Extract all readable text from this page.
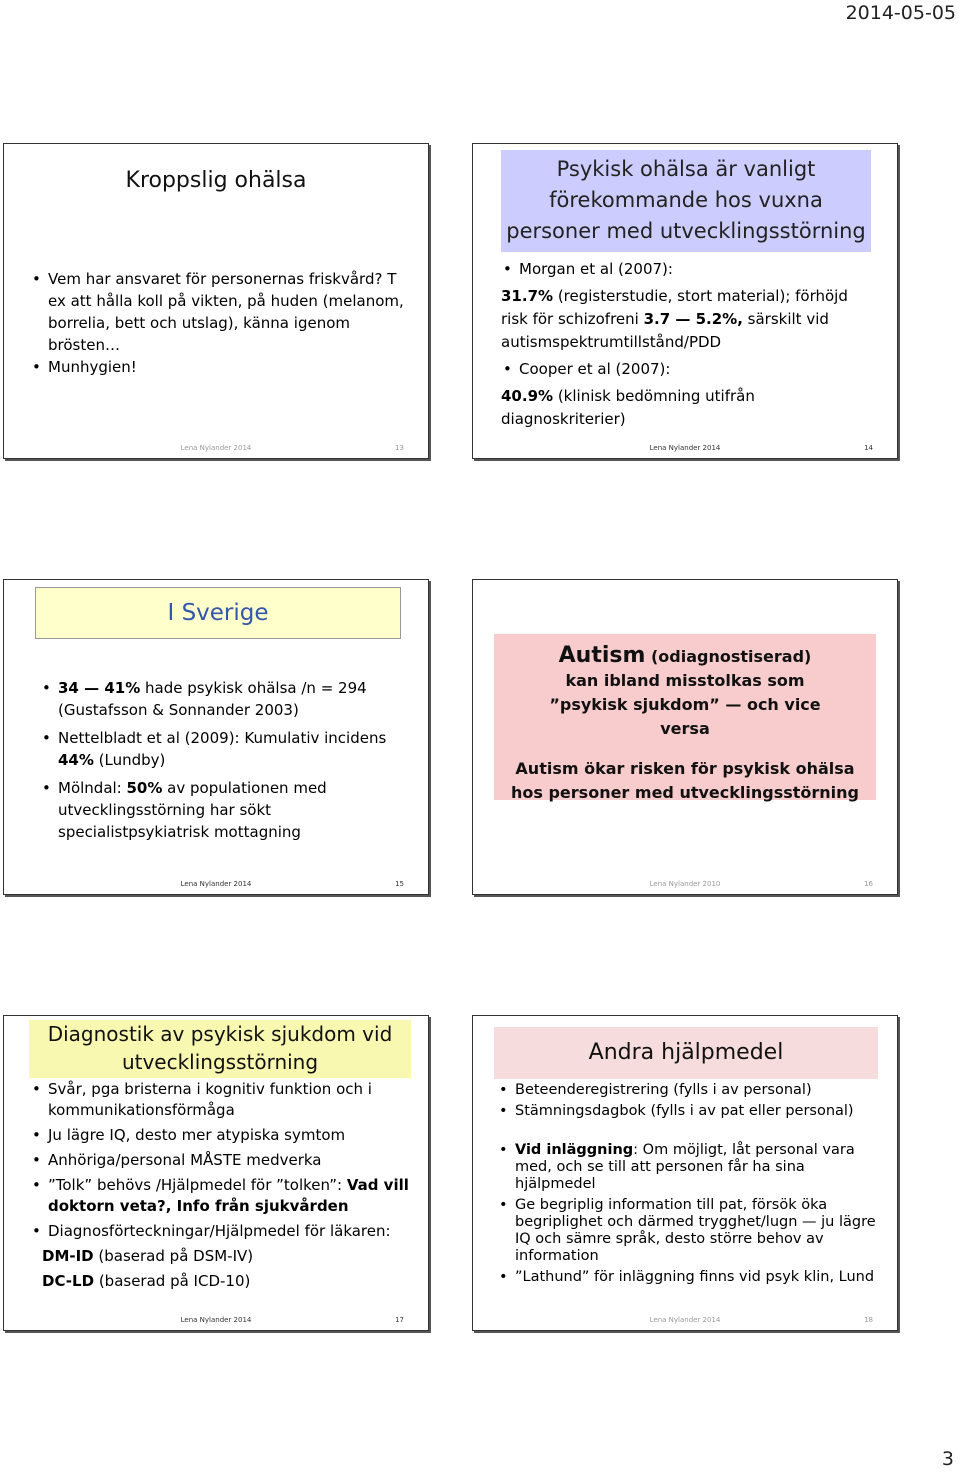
2014-05-05
Kroppslig ohälsa
• Vem har ansvaret för personernas friskvård? T ex att hålla koll på vikten, på huden (melanom, borrelia, bett och utslag), känna igenom brösten…
• Munhygien!
Lena Nylander 2014	13
Psykisk ohälsa är vanligt förekommande hos vuxna personer med utvecklingsstörning
• Morgan et al (2007):
31.7% (registerstudie, stort material); förhöjd risk för schizofreni 3.7 — 5.2%, särskilt vid autismspektrumtillstånd/PDD
• Cooper et al (2007):
40.9% (klinisk bedömning utifrån diagnoskriterier)
Lena Nylander 2014	14
I Sverige
• 34 — 41% hade psykisk ohälsa /n = 294 (Gustafsson & Sonnander 2003)
• Nettelbladt et al (2009): Kumulativ incidens 44% (Lundby)
• Mölndal: 50% av populationen med utvecklingsstörning har sökt specialistpsykiatrisk mottagning
Lena Nylander 2014	15
Autism (odiagnostiserad)
kan ibland misstolkas som ”psykisk sjukdom” — och vice versa
Autism ökar risken för psykisk ohälsa hos personer med utvecklingsstörning
Lena Nylander 2010	16
Diagnostik av psykisk sjukdom vid utvecklingsstörning
• Svår, pga bristerna i kognitiv funktion och i kommunikationsförmåga
• Ju lägre IQ, desto mer atypiska symtom
• Anhöriga/personal MÅSTE medverka
• ”Tolk” behövs /Hjälpmedel för ”tolken”: Vad vill doktorn veta?, Info från sjukvården
• Diagnosförteckningar/Hjälpmedel för läkaren:
DM-ID (baserad på DSM-IV)
DC-LD (baserad på ICD-10)
Lena Nylander 2014	17
Andra hjälpmedel
• Beteenderegistrering (fylls i av personal)
• Stämningsdagbok (fylls i av pat eller personal)
• Vid inläggning: Om möjligt, låt personal vara med, och se till att personen får ha sina hjälpmedel
• Ge begriplig information till pat, försök öka begriplighet och därmed trygghet/lugn — ju lägre IQ och sämre språk, desto större behov av information
• ”Lathund” för inläggning finns vid psyk klin, Lund
Lena Nylander 2014	18
3
